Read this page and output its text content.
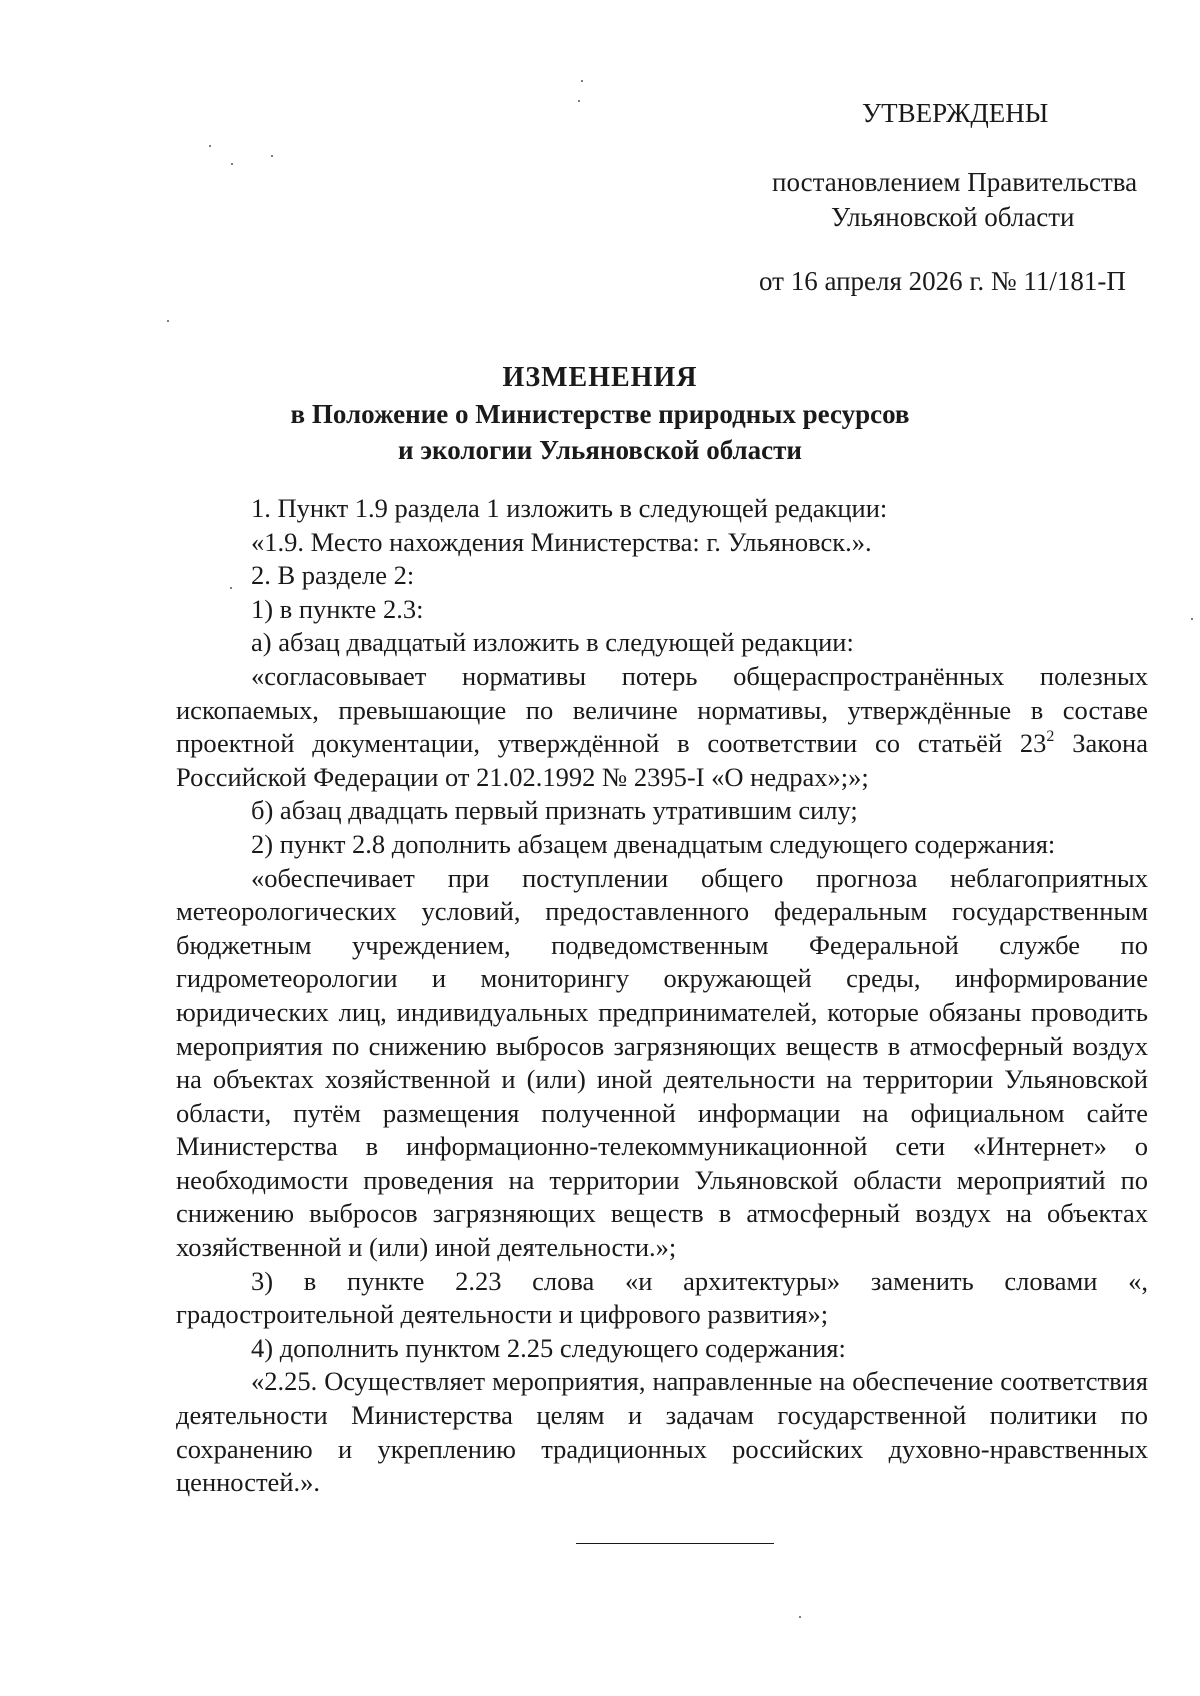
УТВЕРЖДЕНЫ
постановлением Правительства
Ульяновской области
от 16 апреля 2026 г. № 11/181-П
ИЗМЕНЕНИЯ
в Положение о Министерстве природных ресурсов
и экологии Ульяновской области

1. Пункт 1.9 раздела 1 изложить в следующей редакции:

«1.9. Место нахождения Министерства: г. Ульяновск.».

2. В разделе 2:

1) в пункте 2.3:

а) абзац двадцатый изложить в следующей редакции:

«согласовывает нормативы потерь общераспространённых полезных ископаемых, превышающие по величине нормативы, утверждённые в составе проектной документации, утверждённой в соответствии со статьёй $23^2$ Закона Российской Федерации от 21.02.1992 № 2395-I «О недрах»;»;

б) абзац двадцать первый признать утратившим силу;

2) пункт 2.8 дополнить абзацем двенадцатым следующего содержания:

«обеспечивает при поступлении общего прогноза неблагоприятных метеорологических условий, предоставленного федеральным государственным бюджетным учреждением, подведомственным Федеральной службе по гидрометеорологии и мониторингу окружающей среды, информирование юридических лиц, индивидуальных предпринимателей, которые обязаны проводить мероприятия по снижению выбросов загрязняющих веществ в атмосферный воздух на объектах хозяйственной и (или) иной деятельности на территории Ульяновской области, путём размещения полученной информации на официальном сайте Министерства в информационно-телекоммуникационной сети «Интернет» о необходимости проведения на территории Ульяновской области мероприятий по снижению выбросов загрязняющих веществ в атмосферный воздух на объектах хозяйственной и (или) иной деятельности.»;

3) в пункте 2.23 слова «и архитектуры» заменить словами «, градостроительной деятельности и цифрового развития»;

4) дополнить пунктом 2.25 следующего содержания:

«2.25. Осуществляет мероприятия, направленные на обеспечение соответствия деятельности Министерства целям и задачам государственной политики по сохранению и укреплению традиционных российских духовно-нравственных ценностей.».
